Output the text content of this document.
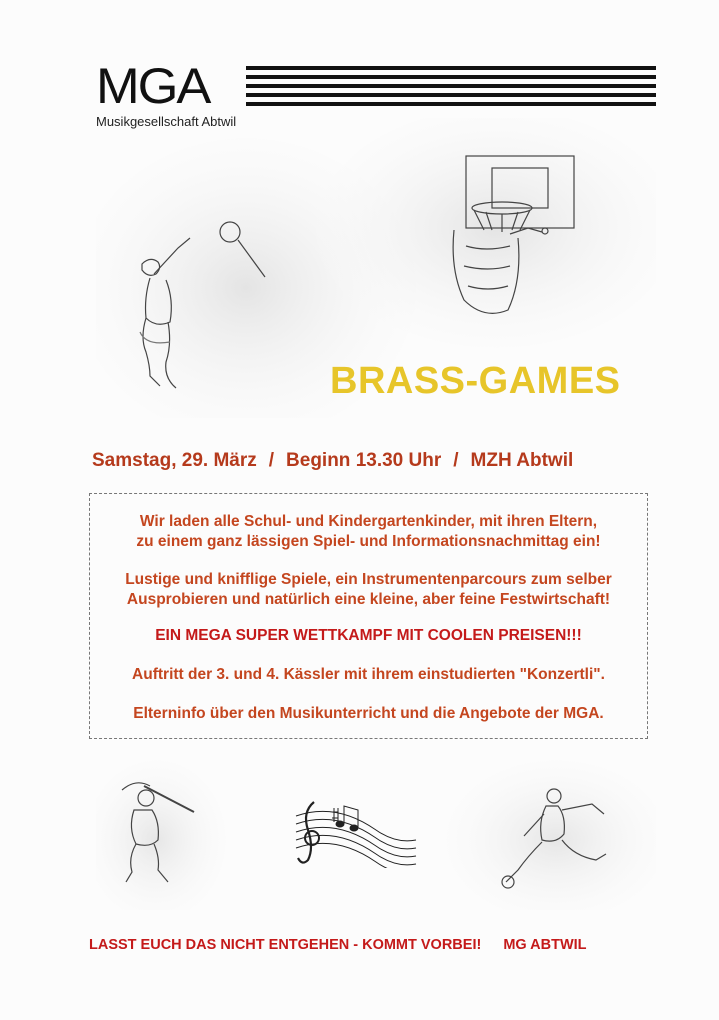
MGA
Musikgesellschaft Abtwil
BRASS-GAMES
Samstag, 29. März / Beginn 13.30 Uhr / MZH Abtwil

Wir laden alle Schul- und Kindergartenkinder, mit ihren Eltern,

zu einem ganz lässigen Spiel- und Informationsnachmittag ein!

Lustige und knifflige Spiele, ein Instrumentenparcours zum selber

Ausprobieren und natürlich eine kleine, aber feine Festwirtschaft!

EIN MEGA SUPER WETTKAMPF MIT COOLEN PREISEN!!!

Auftritt der 3. und 4. Kässler mit ihrem einstudierten "Konzertli".

Elterninfo über den Musikunterricht und die Angebote der MGA.

LASST EUCH DAS NICHT ENTGEHEN - KOMMT VORBEI! MG ABTWIL
